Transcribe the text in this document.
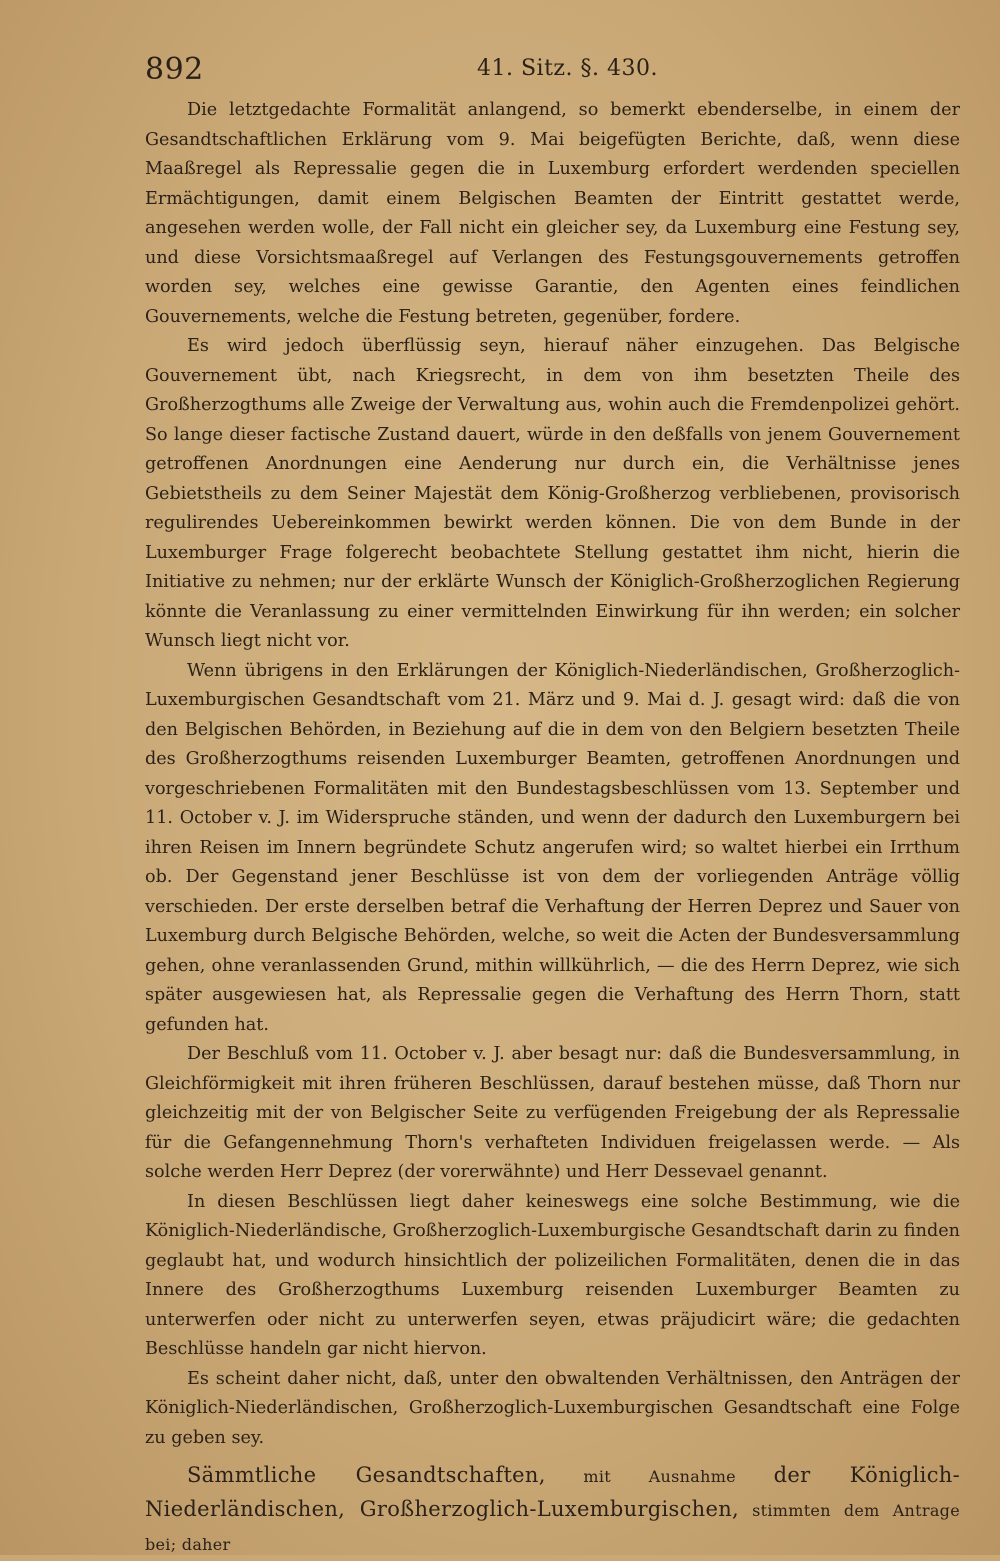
892	41. Sitz. §. 430.

Die letztgedachte Formalität anlangend, so bemerkt ebenderselbe, in einem der Gesandtschaftlichen Erklärung vom 9. Mai beigefügten Berichte, daß, wenn diese Maaßregel als Repressalie gegen die in Luxemburg erfordert werdenden speciellen Ermächtigungen, damit einem Belgischen Beamten der Eintritt gestattet werde, angesehen werden wolle, der Fall nicht ein gleicher sey, da Luxemburg eine Festung sey, und diese Vorsichtsmaaßregel auf Verlangen des Festungsgouvernements getroffen worden sey, welches eine gewisse Garantie, den Agenten eines feindlichen Gouvernements, welche die Festung betreten, gegenüber, fordere.

Es wird jedoch überflüssig seyn, hierauf näher einzugehen. Das Belgische Gouvernement übt, nach Kriegsrecht, in dem von ihm besetzten Theile des Großherzogthums alle Zweige der Verwaltung aus, wohin auch die Fremdenpolizei gehört. So lange dieser factische Zustand dauert, würde in den deßfalls von jenem Gouvernement getroffenen Anordnungen eine Aenderung nur durch ein, die Verhältnisse jenes Gebietstheils zu dem Seiner Majestät dem König-Großherzog verbliebenen, provisorisch regulirendes Uebereinkommen bewirkt werden können. Die von dem Bunde in der Luxemburger Frage folgerecht beobachtete Stellung gestattet ihm nicht, hierin die Initiative zu nehmen; nur der erklärte Wunsch der Königlich-Großherzoglichen Regierung könnte die Veranlassung zu einer vermittelnden Einwirkung für ihn werden; ein solcher Wunsch liegt nicht vor.

Wenn übrigens in den Erklärungen der Königlich-Niederländischen, Großherzoglich-Luxemburgischen Gesandtschaft vom 21. März und 9. Mai d. J. gesagt wird: daß die von den Belgischen Behörden, in Beziehung auf die in dem von den Belgiern besetzten Theile des Großherzogthums reisenden Luxemburger Beamten, getroffenen Anordnungen und vorgeschriebenen Formalitäten mit den Bundestagsbeschlüssen vom 13. September und 11. October v. J. im Widerspruche ständen, und wenn der dadurch den Luxemburgern bei ihren Reisen im Innern begründete Schutz angerufen wird; so waltet hierbei ein Irrthum ob. Der Gegenstand jener Beschlüsse ist von dem der vorliegenden Anträge völlig verschieden. Der erste derselben betraf die Verhaftung der Herren Deprez und Sauer von Luxemburg durch Belgische Behörden, welche, so weit die Acten der Bundesversammlung gehen, ohne veranlassenden Grund, mithin willkührlich, — die des Herrn Deprez, wie sich später ausgewiesen hat, als Repressalie gegen die Verhaftung des Herrn Thorn, statt gefunden hat.

Der Beschluß vom 11. October v. J. aber besagt nur: daß die Bundesversammlung, in Gleichförmigkeit mit ihren früheren Beschlüssen, darauf bestehen müsse, daß Thorn nur gleichzeitig mit der von Belgischer Seite zu verfügenden Freigebung der als Repressalie für die Gefangennehmung Thorn's verhafteten Individuen freigelassen werde. — Als solche werden Herr Deprez (der vorerwähnte) und Herr Dessevael genannt.

In diesen Beschlüssen liegt daher keineswegs eine solche Bestimmung, wie die Königlich-Niederländische, Großherzoglich-Luxemburgische Gesandtschaft darin zu finden geglaubt hat, und wodurch hinsichtlich der polizeilichen Formalitäten, denen die in das Innere des Großherzogthums Luxemburg reisenden Luxemburger Beamten zu unterwerfen oder nicht zu unterwerfen seyen, etwas präjudicirt wäre; die gedachten Beschlüsse handeln gar nicht hiervon.

Es scheint daher nicht, daß, unter den obwaltenden Verhältnissen, den Anträgen der Königlich-Niederländischen, Großherzoglich-Luxemburgischen Gesandtschaft eine Folge zu geben sey.

Sämmtliche Gesandtschaften, mit Ausnahme der Königlich-Niederländischen, Großherzoglich-Luxemburgischen, stimmten dem Antrage bei; daher
